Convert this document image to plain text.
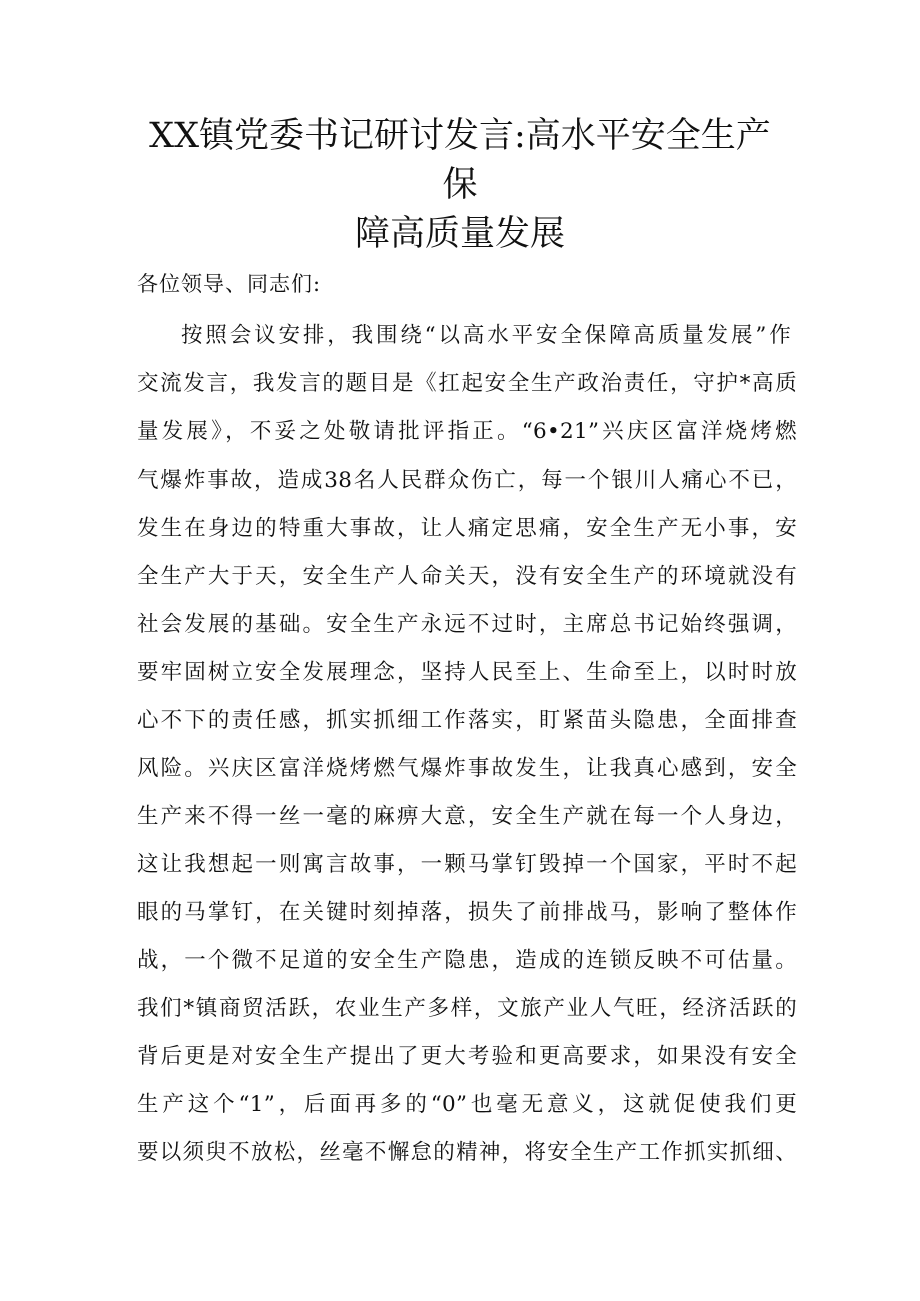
XX镇党委书记研讨发言:高水平安全生产
保
障高质量发展
各位领导、同志们:
按照会议安排，我围绕“以高水平安全保障高质量发展”作
交流发言，我发言的题目是《扛起安全生产政治责任，守护*高质
量发展》，不妥之处敬请批评指正。“6•21”兴庆区富洋烧烤燃
气爆炸事故，造成38名人民群众伤亡，每一个银川人痛心不已，
发生在身边的特重大事故，让人痛定思痛，安全生产无小事，安
全生产大于天，安全生产人命关天，没有安全生产的环境就没有
社会发展的基础。安全生产永远不过时，主席总书记始终强调，
要牢固树立安全发展理念，坚持人民至上、生命至上，以时时放
心不下的责任感，抓实抓细工作落实，盯紧苗头隐患，全面排查
风险。兴庆区富洋烧烤燃气爆炸事故发生，让我真心感到，安全
生产来不得一丝一毫的麻痹大意，安全生产就在每一个人身边，
这让我想起一则寓言故事，一颗马掌钉毁掉一个国家，平时不起
眼的马掌钉，在关键时刻掉落，损失了前排战马，影响了整体作
战，一个微不足道的安全生产隐患，造成的连锁反映不可估量。
我们*镇商贸活跃，农业生产多样，文旅产业人气旺，经济活跃的
背后更是对安全生产提出了更大考验和更高要求，如果没有安全
生产这个“1”，后面再多的“0”也毫无意义，这就促使我们更
要以须臾不放松，丝毫不懈怠的精神，将安全生产工作抓实抓细、
